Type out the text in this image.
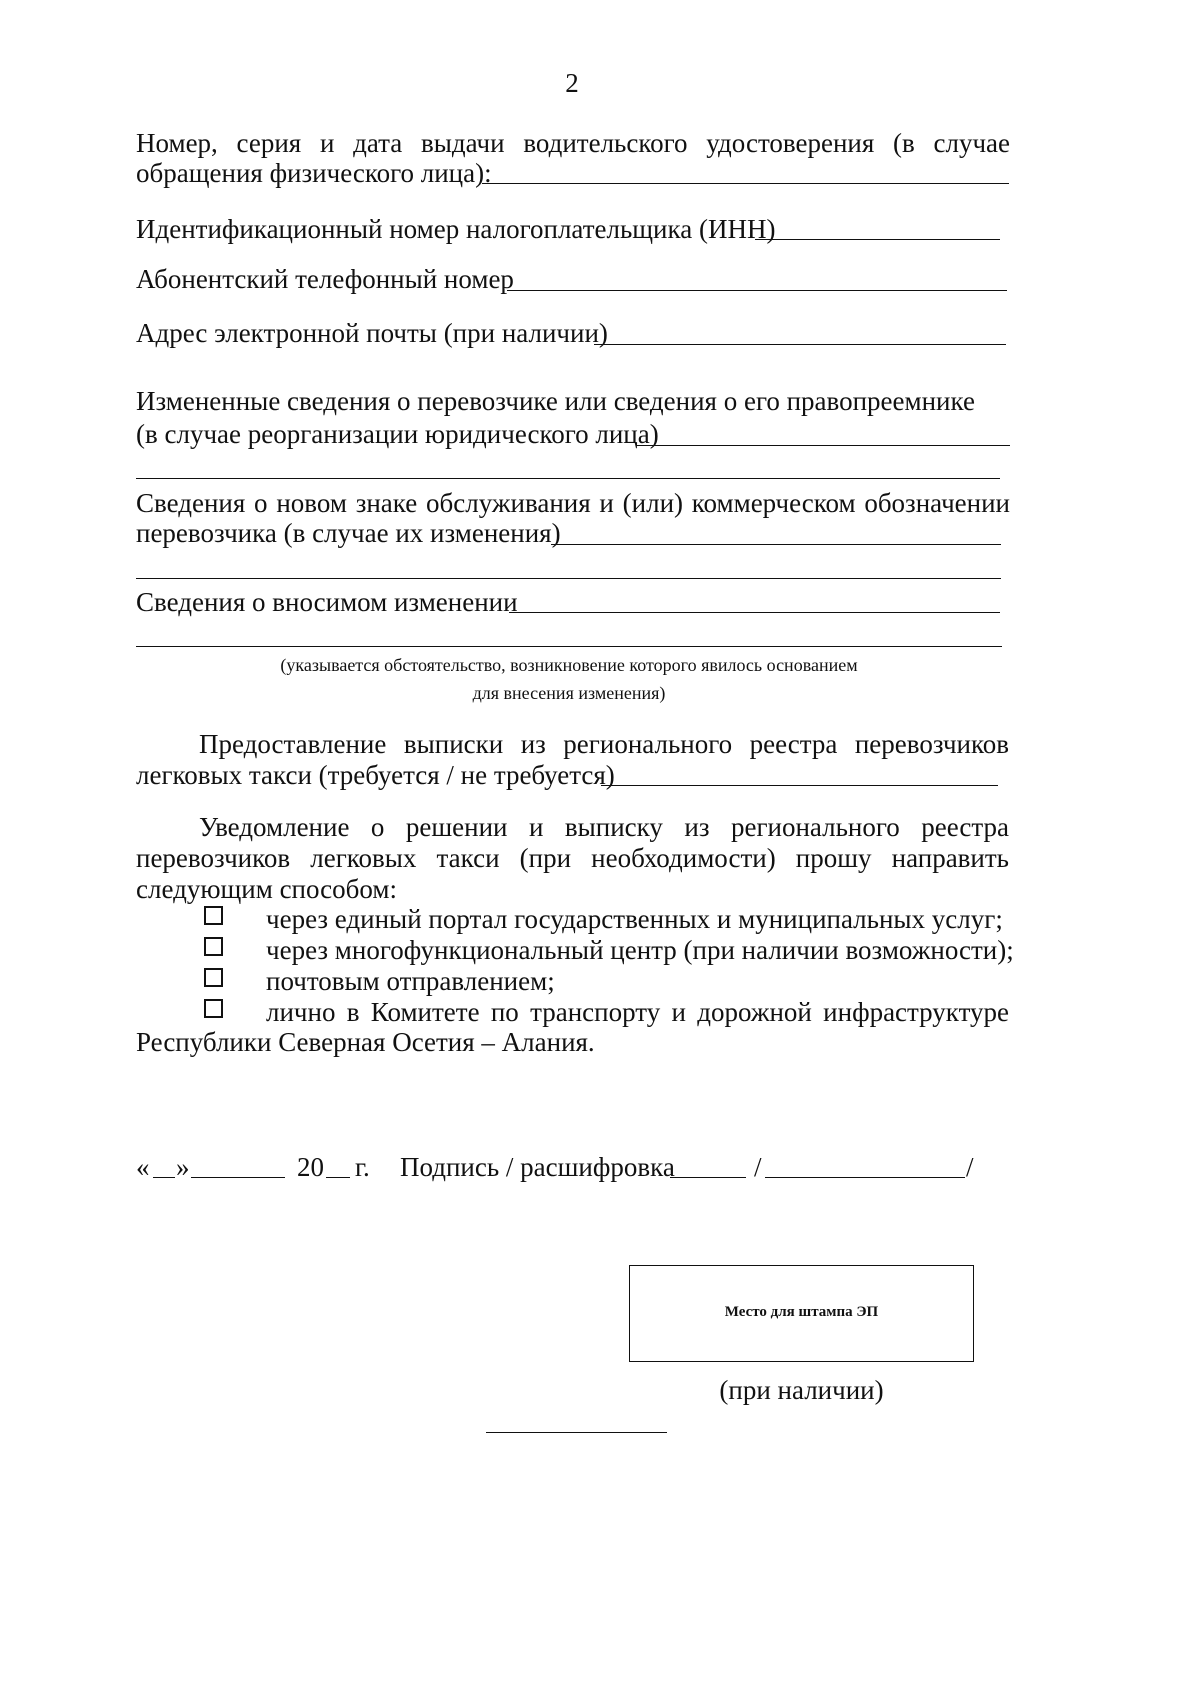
2
Номер, серия и дата выдачи водительского удостоверения (в случае
обращения физического лица):
Идентификационный номер налогоплательщика (ИНН)
Абонентский телефонный номер
Адрес электронной почты (при наличии)
Измененные сведения о перевозчике или сведения о его правопреемнике
(в случае реорганизации юридического лица)
Сведения о новом знаке обслуживания и (или) коммерческом обозначении
перевозчика (в случае их изменения)
Сведения о вносимом изменении
(указывается обстоятельство, возникновение которого явилось основанием
для внесения изменения)
Предоставление выписки из регионального реестра перевозчиков
легковых такси (требуется / не требуется)
Уведомление о решении и выписку из регионального реестра
перевозчиков легковых такси (при необходимости) прошу направить
следующим способом:
через единый портал государственных и муниципальных услуг;
через многофункциональный центр (при наличии возможности);
почтовым отправлением;
лично в Комитете по транспорту и дорожной инфраструктуре
Республики Северная Осетия – Алания.
« »	20 г. Подпись / расшифровка	/	/
Место для штампа ЭП
(при наличии)
